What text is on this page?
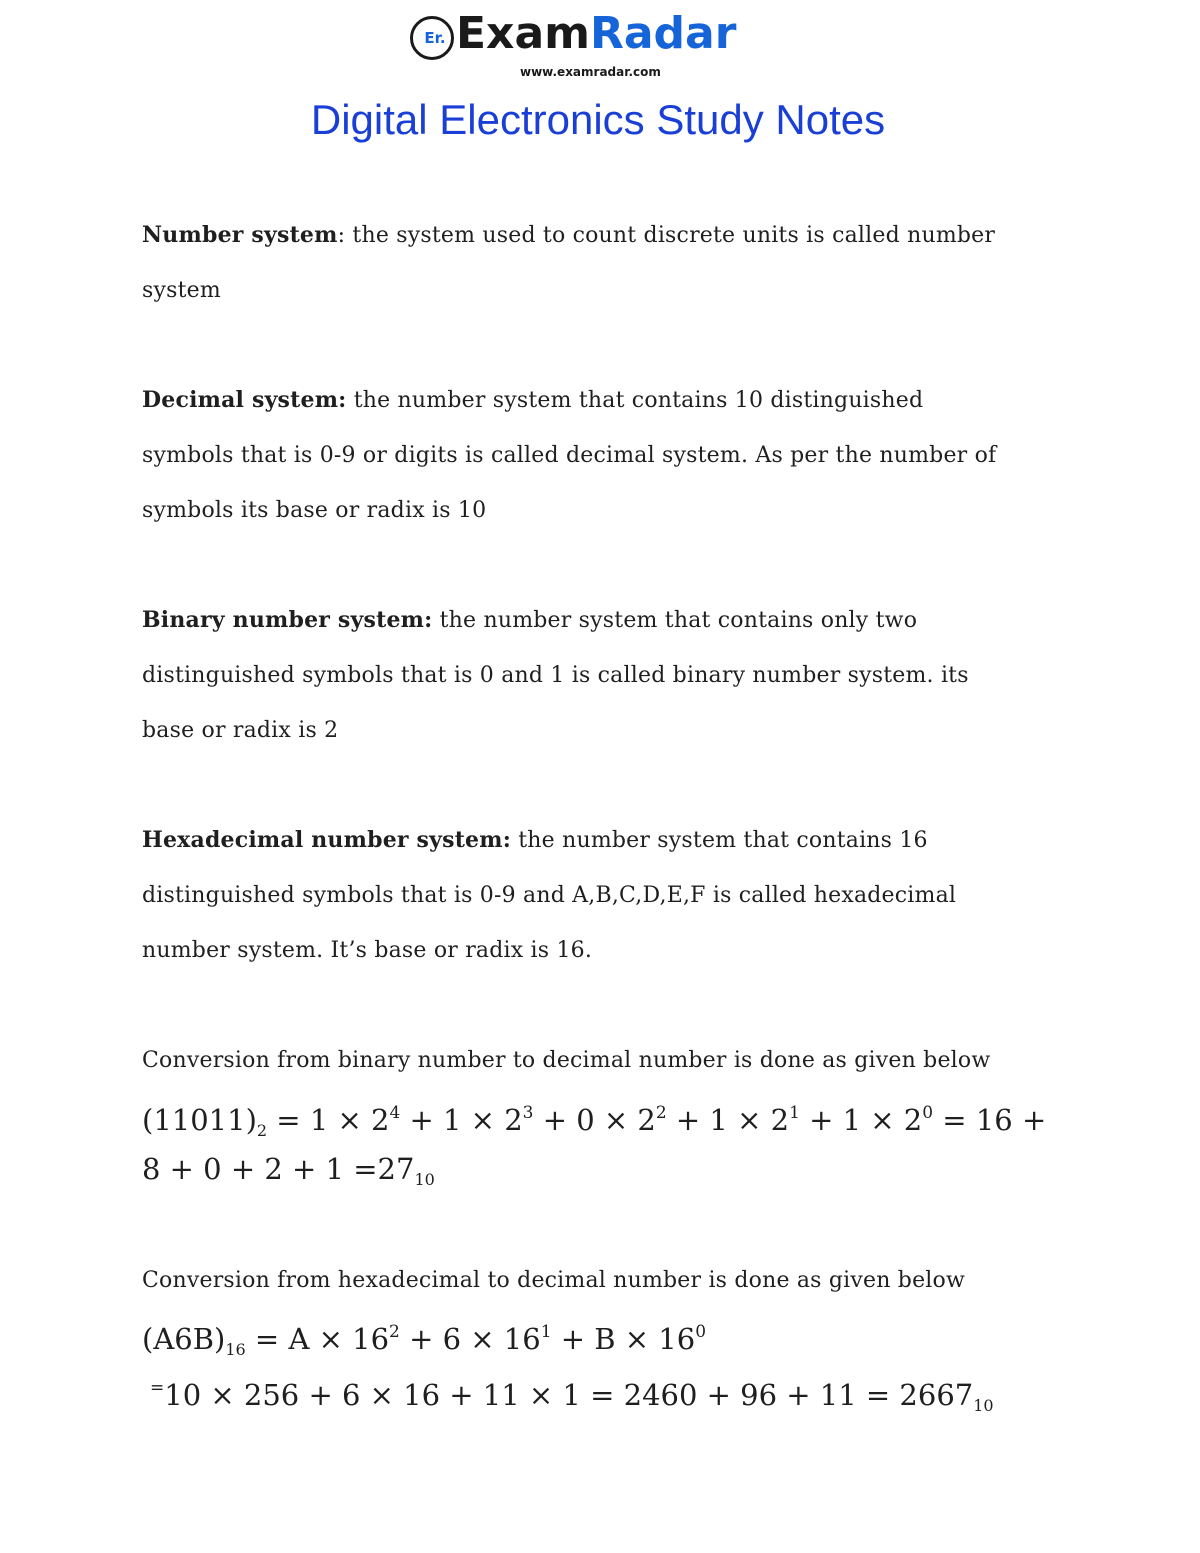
Er. ExamRadar
www.examradar.com
Digital Electronics Study Notes
Number system: the system used to count discrete units is called number
system
Decimal system: the number system that contains 10 distinguished
symbols that is 0-9 or digits is called decimal system. As per the number of
symbols its base or radix is 10
Binary number system: the number system that contains only two
distinguished symbols that is 0 and 1 is called binary number system. its
base or radix is 2
Hexadecimal number system: the number system that contains 16
distinguished symbols that is 0-9 and A,B,C,D,E,F is called hexadecimal
number system. It’s base or radix is 16.
Conversion from binary number to decimal number is done as given below
$(11011)_2 = 1 \times 2^4 + 1 \times 2^3 + 0 \times 2^2 + 1 \times 2^1 + 1 \times 2^0 = 16$ +
$8 + 0 + 2 + 1 =27_{10}$
Conversion from hexadecimal to decimal number is done as given below
$(A6B)_{16} = A \times 16^2 + 6 \times 16^1 + B \times 16^0$
$^=10 \times 256 + 6 \times 16 + 11 \times 1 = 2460 + 96 + 11 = 2667_{10}$
